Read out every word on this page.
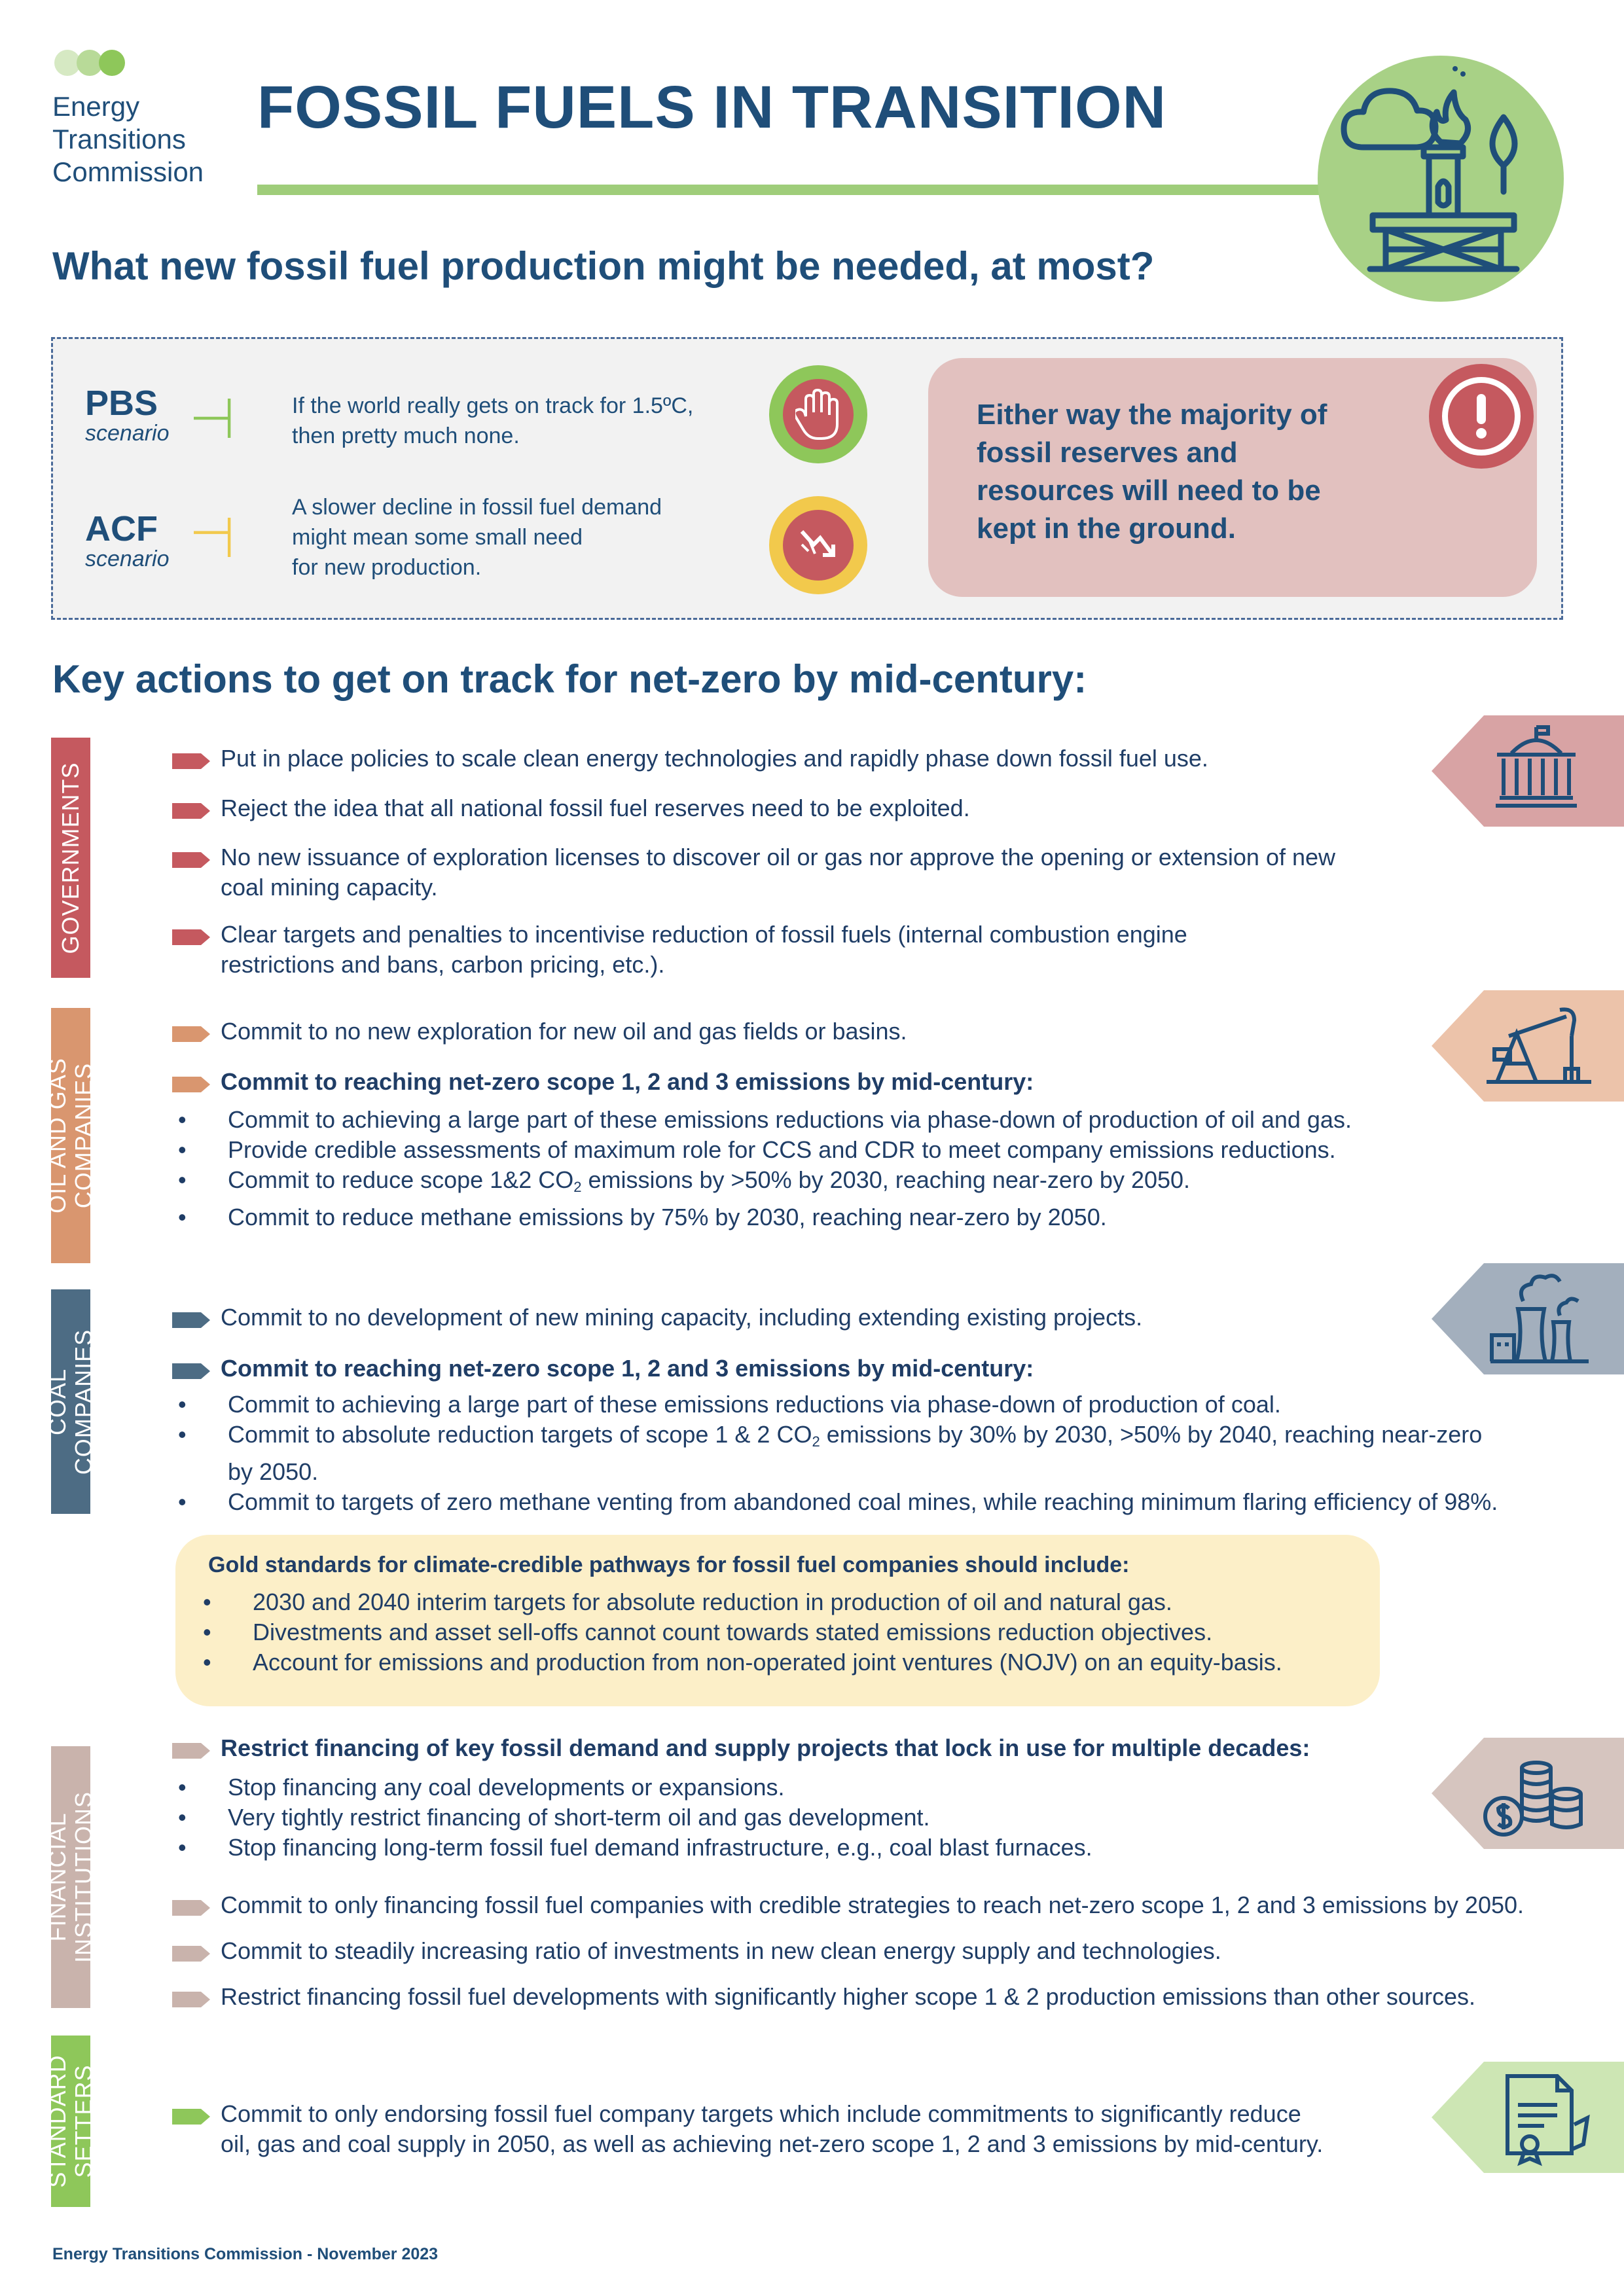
Energy
Transitions
Commission
FOSSIL FUELS IN TRANSITION
What new fossil fuel production might be needed, at most?
PBS
scenario
If the world really gets on track for 1.5ºC,
then pretty much none.
ACF
scenario
A slower decline in fossil fuel demand
might mean some small need
for new production.
Either way the majority of
fossil reserves and
resources will need to be
kept in the ground.
Key actions to get on track for net-zero by mid-century:
GOVERNMENTS
Put in place policies to scale clean energy technologies and rapidly phase down fossil fuel use.
Reject the idea that all national fossil fuel reserves need to be exploited.
No new issuance of exploration licenses to discover oil or gas nor approve the opening or extension of new
coal mining capacity.
Clear targets and penalties to incentivise reduction of fossil fuels (internal combustion engine
restrictions and bans, carbon pricing, etc.).
OIL AND GAS COMPANIES
Commit to no new exploration for new oil and gas fields or basins.
Commit to reaching net-zero scope 1, 2 and 3 emissions by mid-century:
• Commit to achieving a large part of these emissions reductions via phase-down of production of oil and gas.
• Provide credible assessments of maximum role for CCS and CDR to meet company emissions reductions.
• Commit to reduce scope 1&2 $CO_2$ emissions by >50% by 2030, reaching near-zero by 2050.
• Commit to reduce methane emissions by 75% by 2030, reaching near-zero by 2050.
COAL COMPANIES
Commit to no development of new mining capacity, including extending existing projects.
Commit to reaching net-zero scope 1, 2 and 3 emissions by mid-century:
• Commit to achieving a large part of these emissions reductions via phase-down of production of coal.
• Commit to absolute reduction targets of scope 1 & 2 $CO_2$ emissions by 30% by 2030, >50% by 2040, reaching near-zero
by 2050.
• Commit to targets of zero methane venting from abandoned coal mines, while reaching minimum flaring efficiency of 98%.
Gold standards for climate-credible pathways for fossil fuel companies should include:
• 2030 and 2040 interim targets for absolute reduction in production of oil and natural gas.
• Divestments and asset sell-offs cannot count towards stated emissions reduction objectives.
• Account for emissions and production from non-operated joint ventures (NOJV) on an equity-basis.
FINANCIAL INSTITUTIONS
Restrict financing of key fossil demand and supply projects that lock in use for multiple decades:
• Stop financing any coal developments or expansions.
• Very tightly restrict financing of short-term oil and gas development.
• Stop financing long-term fossil fuel demand infrastructure, e.g., coal blast furnaces.
Commit to only financing fossil fuel companies with credible strategies to reach net-zero scope 1, 2 and 3 emissions by 2050.
Commit to steadily increasing ratio of investments in new clean energy supply and technologies.
Restrict financing fossil fuel developments with significantly higher scope 1 & 2 production emissions than other sources.
STANDARD SETTERS	Commit to only endorsing fossil fuel company targets which include commitments to significantly reduce
oil, gas and coal supply in 2050, as well as achieving net-zero scope 1, 2 and 3 emissions by mid-century.
Energy Transitions Commission - November 2023
